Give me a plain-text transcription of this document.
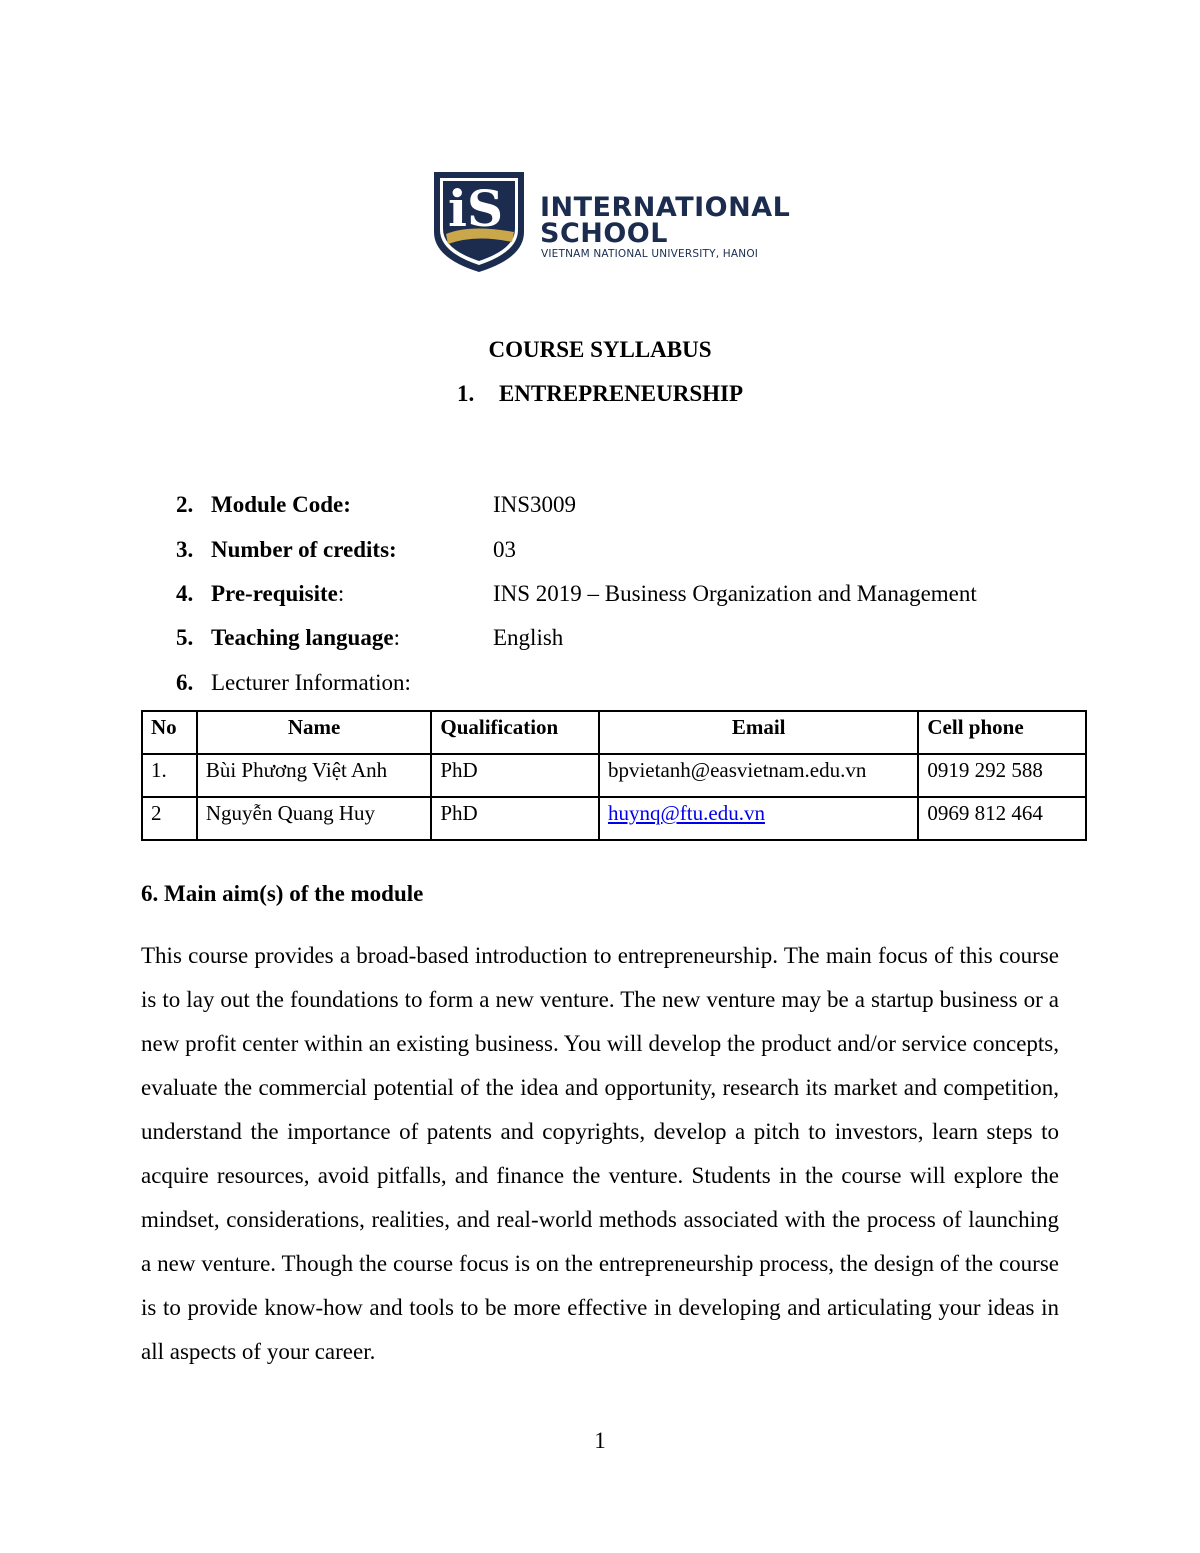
iS INTERNATIONAL
SCHOOL
VIETNAM NATIONAL UNIVERSITY, HANOI
COURSE SYLLABUS
1. ENTREPRENEURSHIP
2. Module Code:	INS3009
3. Number of credits:	03
4. Pre-requisite:	INS 2019 – Business Organization and Management
5. Teaching language:	English
6. Lecturer Information:
No	Name	Qualification	Email	Cell phone
1.	Bùi Phương Việt Anh	PhD	bpvietanh@easvietnam.edu.vn	0919 292 588
2	Nguyễn Quang Huy	PhD	huynq@ftu.edu.vn	0969 812 464
6. Main aim(s) of the module
This course provides a broad-based introduction to entrepreneurship. The main focus of this course is to lay out the foundations to form a new venture. The new venture may be a startup business or a new profit center within an existing business. You will develop the product and/or service concepts, evaluate the commercial potential of the idea and opportunity, research its market and competition, understand the importance of patents and copyrights, develop a pitch to investors, learn steps to acquire resources, avoid pitfalls, and finance the venture. Students in the course will explore the mindset, considerations, realities, and real-world methods associated with the process of launching a new venture. Though the course focus is on the entrepreneurship process, the design of the course is to provide know-how and tools to be more effective in developing and articulating your ideas in all aspects of your career.
1
